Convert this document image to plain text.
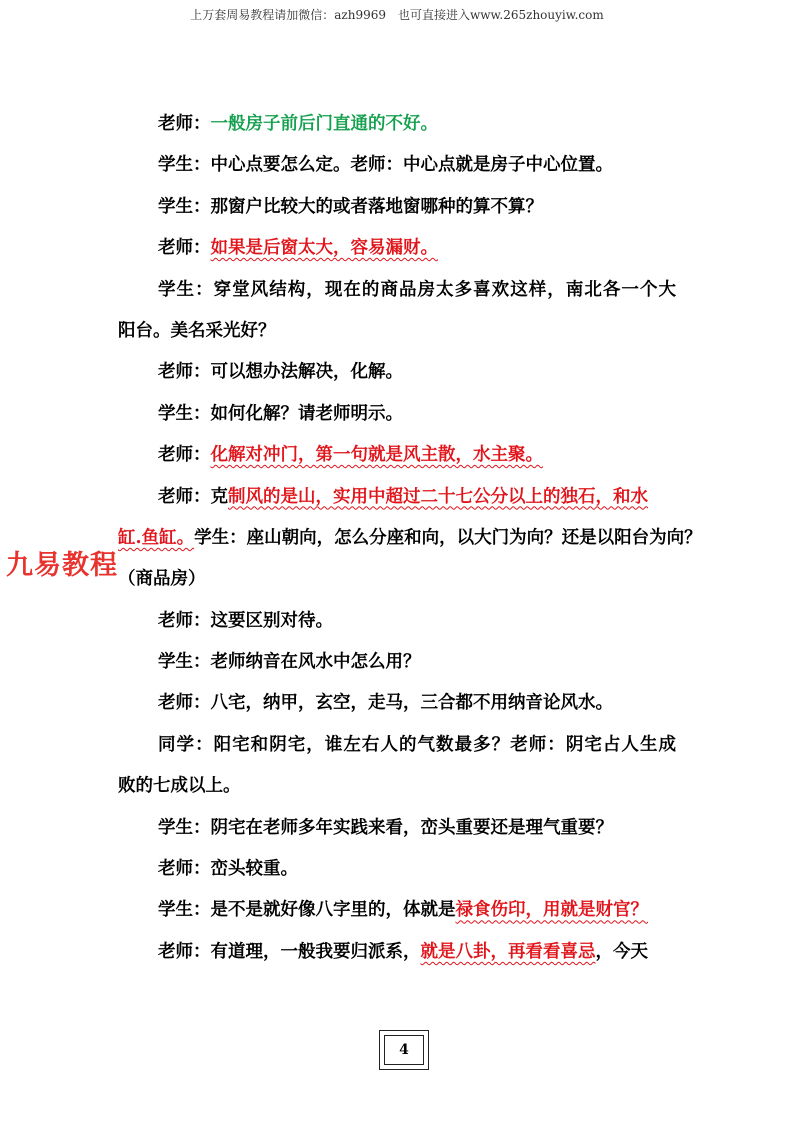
上万套周易教程请加微信：azh9969　也可直接进入www.265zhouyiw.com
九易教程
老师：一般房子前后门直通的不好。
学生：中心点要怎么定。老师：中心点就是房子中心位置。
学生：那窗户比较大的或者落地窗哪种的算不算？
老师：如果是后窗太大，容易漏财。
学生：穿堂风结构，现在的商品房太多喜欢这样，南北各一个大
阳台。美名采光好？
老师：可以想办法解决，化解。
学生：如何化解？请老师明示。
老师：化解对冲门，第一句就是风主散，水主聚。
老师：克制风的是山，实用中超过二十七公分以上的独石，和水
缸.鱼缸。学生：座山朝向，怎么分座和向，以大门为向？还是以阳台为向？
（商品房）
老师：这要区别对待。
学生：老师纳音在风水中怎么用？
老师：八宅，纳甲，玄空，走马，三合都不用纳音论风水。
同学：阳宅和阴宅，谁左右人的气数最多？老师：阴宅占人生成
败的七成以上。
学生：阴宅在老师多年实践来看，峦头重要还是理气重要？
老师：峦头较重。
学生：是不是就好像八字里的，体就是禄食伤印，用就是财官？
老师：有道理，一般我要归派系，就是八卦，再看看喜忌，今天
4
